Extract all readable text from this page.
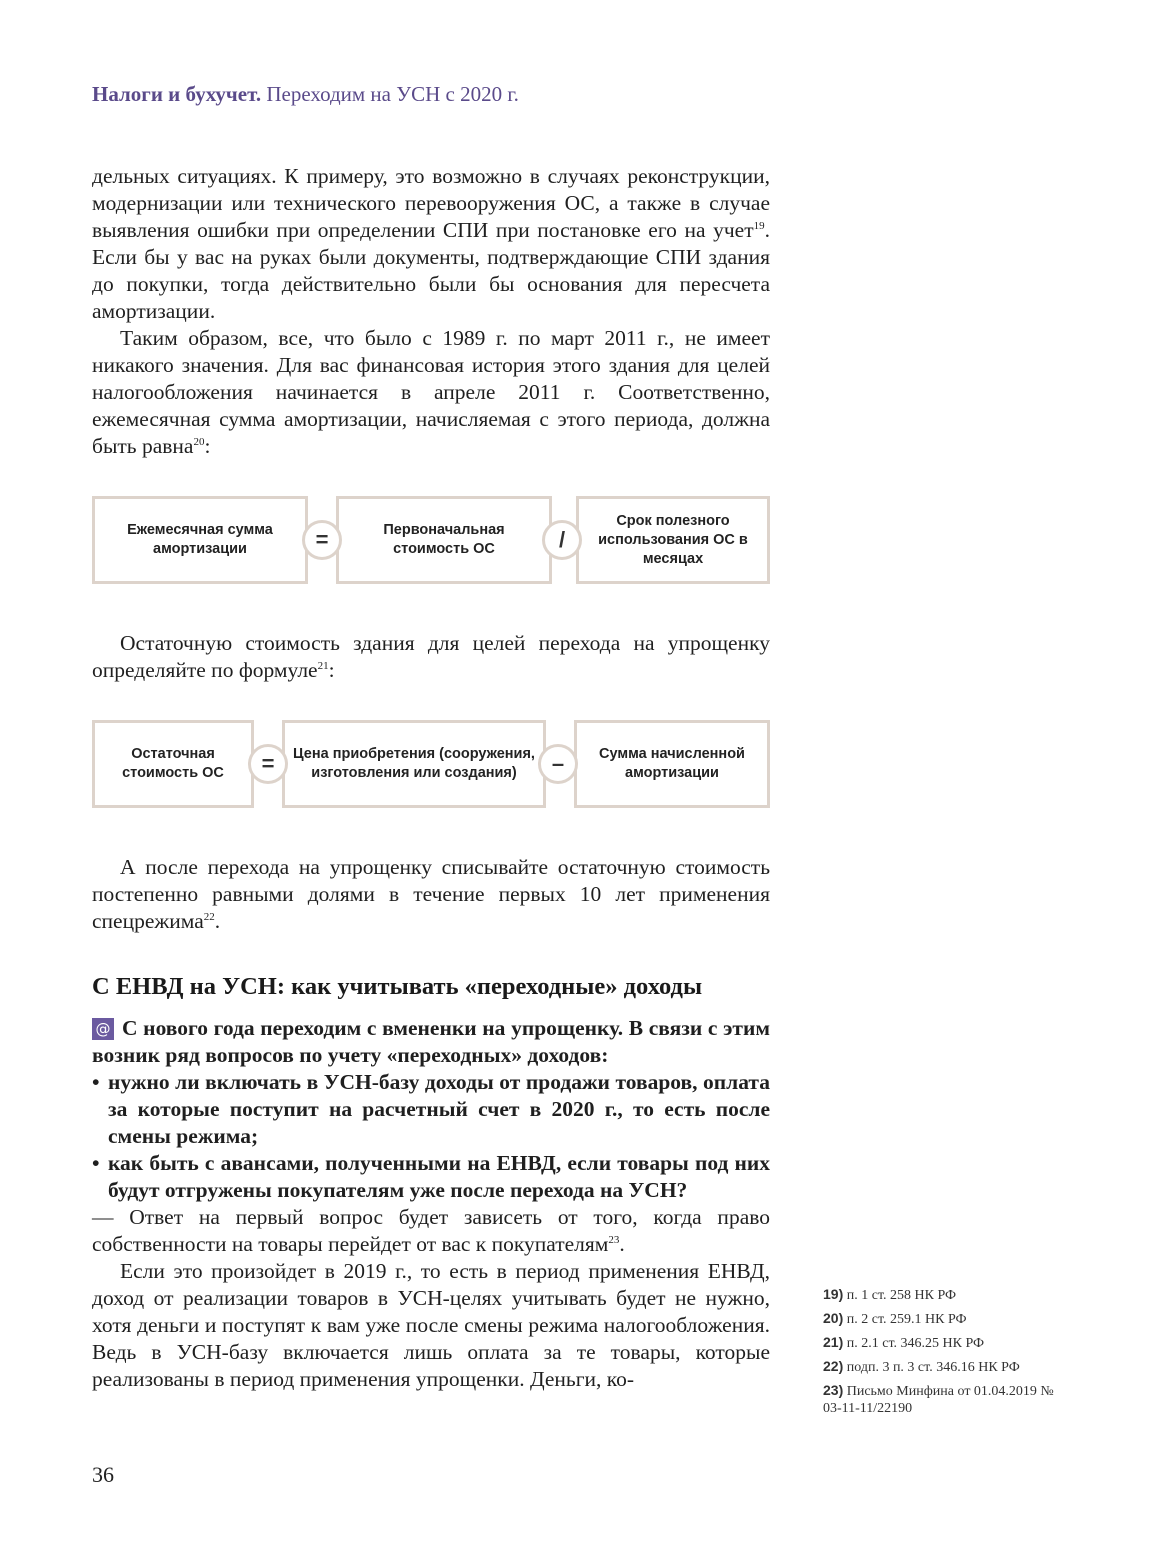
Налоги и бухучет. Переходим на УСН с 2020 г.

дельных ситуациях. К примеру, это возможно в случаях реконструкции, модернизации или технического перевооружения ОС, а также в случае выявления ошибки при определении СПИ при постановке его на учет$^{19}$. Если бы у вас на руках были документы, подтверждающие СПИ здания до покупки, тогда действительно были бы основания для пересчета амортизации.

Таким образом, все, что было с 1989 г. по март 2011 г., не имеет никакого значения. Для вас финансовая история этого здания для целей налогообложения начинается в апреле 2011 г. Соответственно, ежемесячная сумма амортизации, начисляемая с этого периода, должна быть равна$^{20}$:

Ежемесячная сумма амортизации
Первоначальная стоимость ОС
Срок полезного использования ОС в месяцах
=	/

Остаточную стоимость здания для целей перехода на упрощенку определяйте по формуле$^{21}$:

Остаточная стоимость ОС
Цена приобретения (сооружения, изготовления или создания)
Сумма начисленной амортизации
=	–

А после перехода на упрощенку списывайте остаточную стоимость постепенно равными долями в течение первых 10 лет применения спецрежима$^{22}$.

С ЕНВД на УСН: как учитывать «переходные» доходы

@ С нового года переходим с вмененки на упрощенку. В связи с этим возник ряд вопросов по учету «переходных» доходов:

• нужно ли включать в УСН-базу доходы от продажи товаров, оплата за которые поступит на расчетный счет в 2020 г., то есть после смены режима;
• как быть с авансами, полученными на ЕНВД, если товары под них будут отгружены покупателям уже после перехода на УСН?

— Ответ на первый вопрос будет зависеть от того, когда право собственности на товары перейдет от вас к покупателям$^{23}$.

Если это произойдет в 2019 г., то есть в период применения ЕНВД, доход от реализации товаров в УСН-целях учитывать будет не нужно, хотя деньги и поступят к вам уже после смены режима налогообложения. Ведь в УСН-базу включается лишь оплата за те товары, которые реализованы в период применения упрощенки. Деньги, ко-

19) п. 1 ст. 258 НК РФ
20) п. 2 ст. 259.1 НК РФ
21) п. 2.1 ст. 346.25 НК РФ
22) подп. 3 п. 3 ст. 346.16 НК РФ
23) Письмо Минфина от 01.04.2019 № 03-11-11/22190
36
